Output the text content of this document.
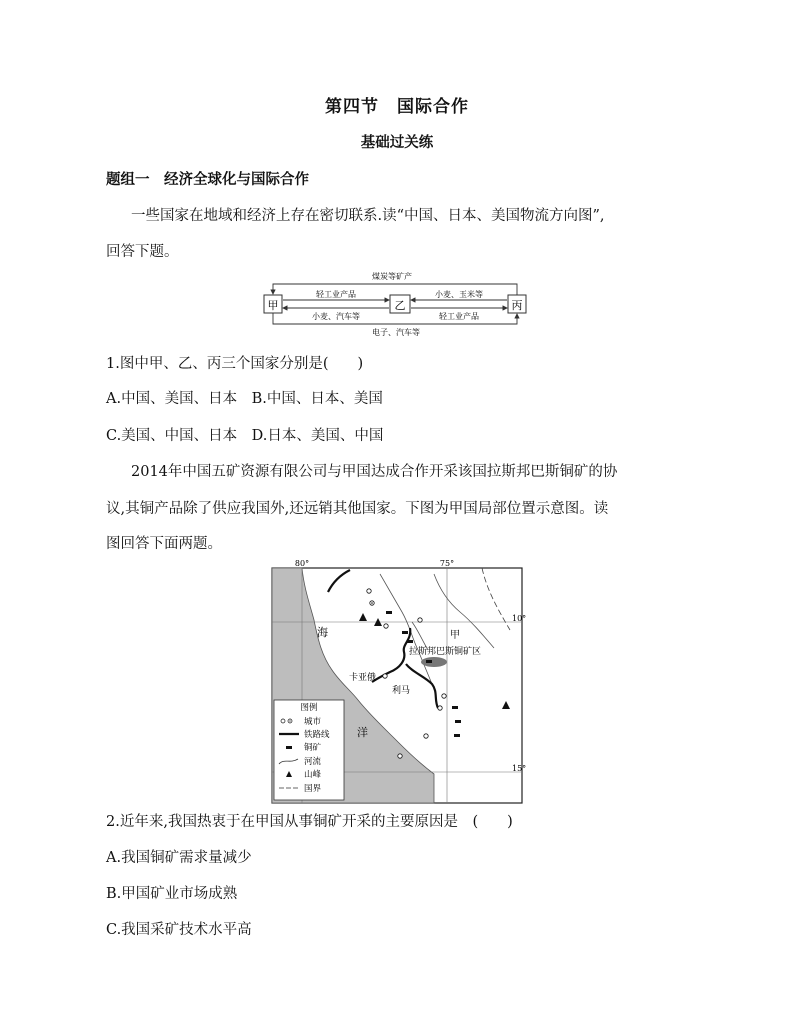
第四节　国际合作
基础过关练
题组一　经济全球化与国际合作
一些国家在地域和经济上存在密切联系.读“中国、日本、美国物流方向图”,
回答下题。
甲	乙	丙
煤炭等矿产
轻工业产品
小麦、汽车等
小麦、玉米等
轻工业产品
电子、汽车等
1.图中甲、乙、丙三个国家分别是(　　)
A.中国、美国、日本　B.中国、日本、美国
C.美国、中国、日本　D.日本、美国、中国
2014年中国五矿资源有限公司与甲国达成合作开采该国拉斯邦巴斯铜矿的协
议,其铜产品除了供应我国外,还远销其他国家。下图为甲国局部位置示意图。读
图回答下面两题。
80°	75°
10°
15°
海
洋
拉斯邦巴斯铜矿区
甲
卡亚俄
利马
图例
城市
铁路线
铜矿
河流
山峰
国界
2.近年来,我国热衷于在甲国从事铜矿开采的主要原因是　(　　)
A.我国铜矿需求量减少
B.甲国矿业市场成熟
C.我国采矿技术水平高
